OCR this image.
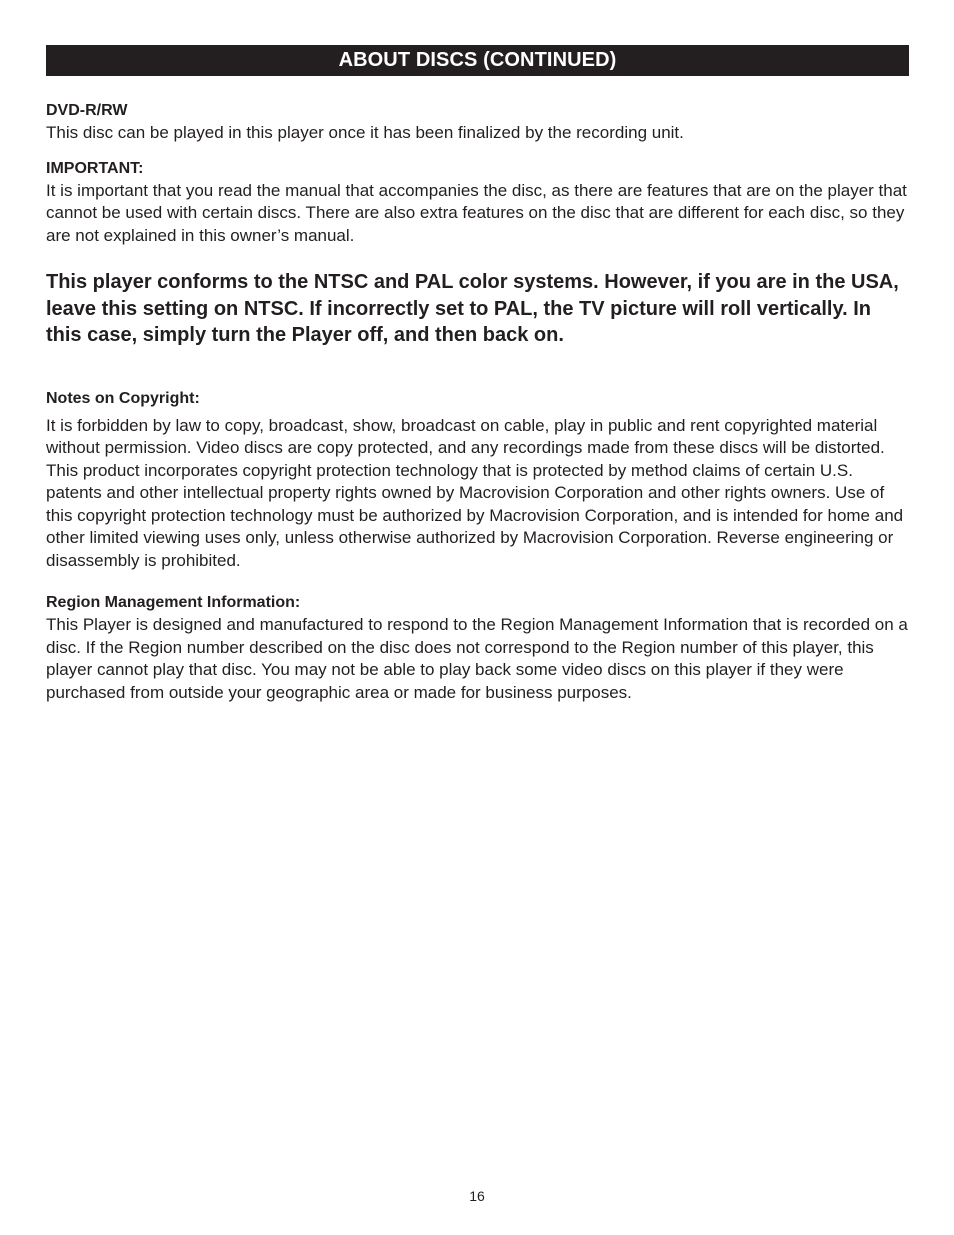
ABOUT DISCS (CONTINUED)

DVD-R/RW

This disc can be played in this player once it has been finalized by the recording unit.

IMPORTANT:

It is important that you read the manual that accompanies the disc, as there are features that are on the player that cannot be used with certain discs. There are also extra features on the disc that are different for each disc, so they are not explained in this owner’s manual.

This player conforms to the NTSC and PAL color systems. However, if you are in the USA, leave this setting on NTSC. If incorrectly set to PAL, the TV picture will roll vertically. In this case, simply turn the Player off, and then back on.

Notes on Copyright:

It is forbidden by law to copy, broadcast, show, broadcast on cable, play in public and rent copyrighted material without permission. Video discs are copy protected, and any recordings made from these discs will be distorted. This product incorporates copyright protection technology that is protected by method claims of certain U.S. patents and other intellectual property rights owned by Macrovision Corporation and other rights owners. Use of this copyright protection technology must be authorized by Macrovision Corporation, and is intended for home and other limited viewing uses only, unless otherwise authorized by Macrovision Corporation. Reverse engineering or disassembly is prohibited.

Region Management Information:

This Player is designed and manufactured to respond to the Region Management Information that is recorded on a disc. If the Region number described on the disc does not correspond to the Region number of this player, this player cannot play that disc. You may not be able to play back some video discs on this player if they were purchased from outside your geographic area or made for business purposes.

16
